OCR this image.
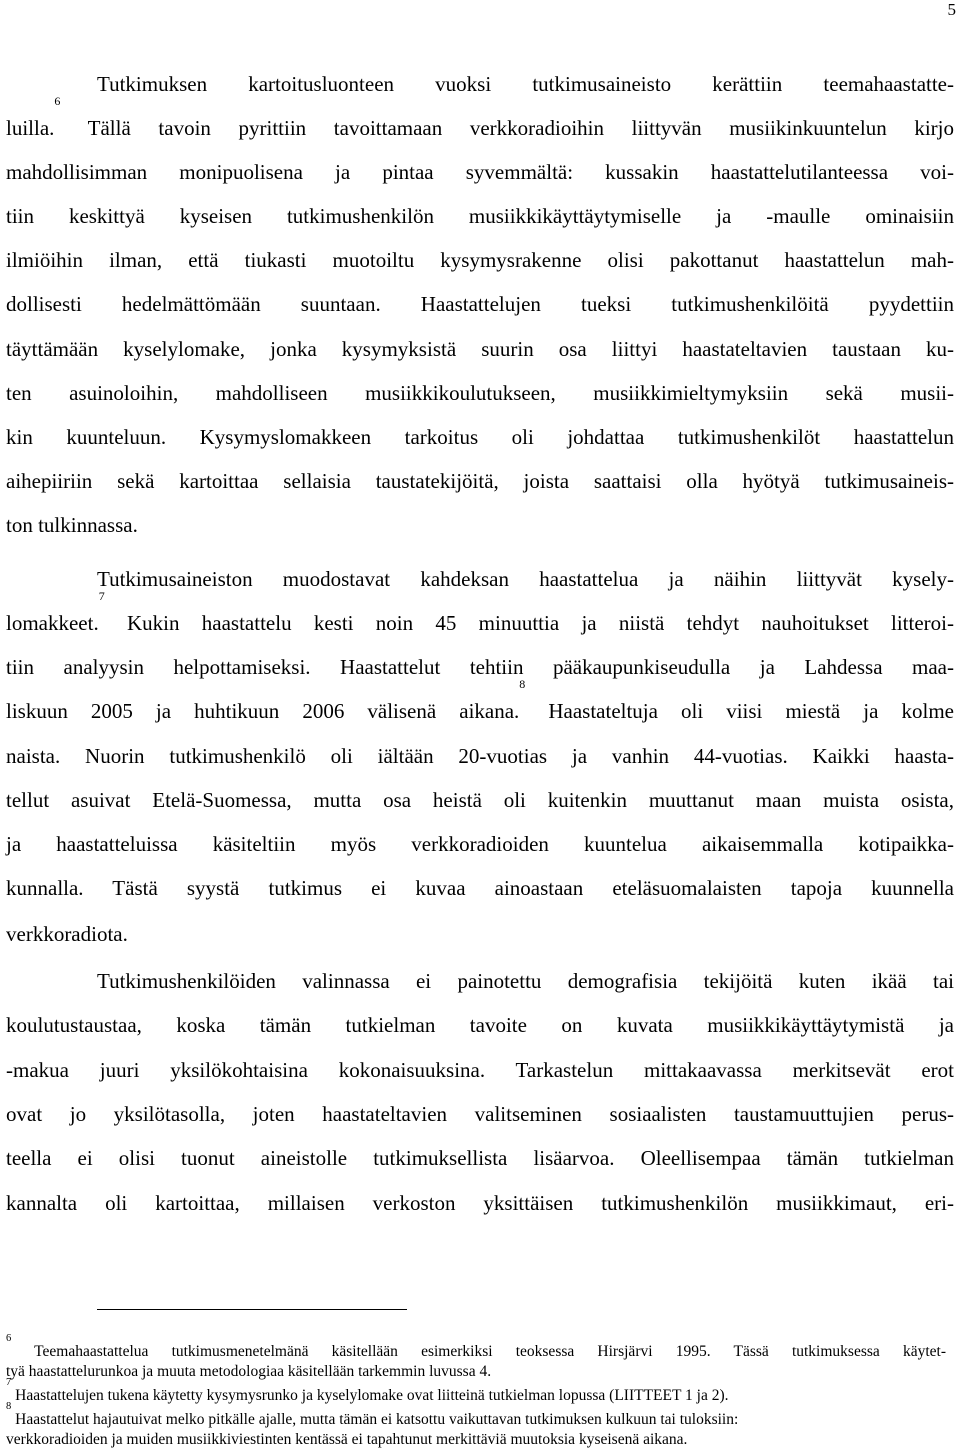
5
Tutkimuksen kartoitusluonteen vuoksi tutkimusaineisto kerättiin teemahaastatte-
luilla.$^6$ Tällä tavoin pyrittiin tavoittamaan verkkoradioihin liittyvän musiikinkuuntelun kirjo
mahdollisimman monipuolisena ja pintaa syvemmältä: kussakin haastattelutilanteessa voi-
tiin keskittyä kyseisen tutkimushenkilön musiikkikäyttäytymiselle ja -maulle ominaisiin
ilmiöihin ilman, että tiukasti muotoiltu kysymysrakenne olisi pakottanut haastattelun mah-
dollisesti hedelmättömään suuntaan. Haastattelujen tueksi tutkimushenkilöitä pyydettiin
täyttämään kyselylomake, jonka kysymyksistä suurin osa liittyi haastateltavien taustaan ku-
ten asuinoloihin, mahdolliseen musiikkikoulutukseen, musiikkimieltymyksiin sekä musii-
kin kuunteluun. Kysymyslomakkeen tarkoitus oli johdattaa tutkimushenkilöt haastattelun
aihepiiriin sekä kartoittaa sellaisia taustatekijöitä, joista saattaisi olla hyötyä tutkimusaineis-
ton tulkinnassa.
Tutkimusaineiston muodostavat kahdeksan haastattelua ja näihin liittyvät kysely-
lomakkeet.$^7$ Kukin haastattelu kesti noin 45 minuuttia ja niistä tehdyt nauhoitukset litteroi-
tiin analyysin helpottamiseksi. Haastattelut tehtiin pääkaupunkiseudulla ja Lahdessa maa-
liskuun 2005 ja huhtikuun 2006 välisenä aikana.$^8$ Haastateltuja oli viisi miestä ja kolme
naista. Nuorin tutkimushenkilö oli iältään 20-vuotias ja vanhin 44-vuotias. Kaikki haasta-
tellut asuivat Etelä-Suomessa, mutta osa heistä oli kuitenkin muuttanut maan muista osista,
ja haastatteluissa käsiteltiin myös verkkoradioiden kuuntelua aikaisemmalla kotipaikka-
kunnalla. Tästä syystä tutkimus ei kuvaa ainoastaan eteläsuomalaisten tapoja kuunnella
verkkoradiota.
Tutkimushenkilöiden valinnassa ei painotettu demografisia tekijöitä kuten ikää tai
koulutustaustaa, koska tämän tutkielman tavoite on kuvata musiikkikäyttäytymistä ja
-makua juuri yksilökohtaisina kokonaisuuksina. Tarkastelun mittakaavassa merkitsevät erot
ovat jo yksilötasolla, joten haastateltavien valitseminen sosiaalisten taustamuuttujien perus-
teella ei olisi tuonut aineistolle tutkimuksellista lisäarvoa. Oleellisempaa tämän tutkielman
kannalta oli kartoittaa, millaisen verkoston yksittäisen tutkimushenkilön musiikkimaut, eri-
$^6$ Teemahaastattelua tutkimusmenetelmänä käsitellään esimerkiksi teoksessa Hirsjärvi 1995. Tässä tutkimuksessa käytet-
tyä haastattelurunkoa ja muuta metodologiaa käsitellään tarkemmin luvussa 4.
$^7$ Haastattelujen tukena käytetty kysymysrunko ja kyselylomake ovat liitteinä tutkielman lopussa (LIITTEET 1 ja 2).
$^8$ Haastattelut hajautuivat melko pitkälle ajalle, mutta tämän ei katsottu vaikuttavan tutkimuksen kulkuun tai tuloksiin:
verkkoradioiden ja muiden musiikkiviestinten kentässä ei tapahtunut merkittäviä muutoksia kyseisenä aikana.
